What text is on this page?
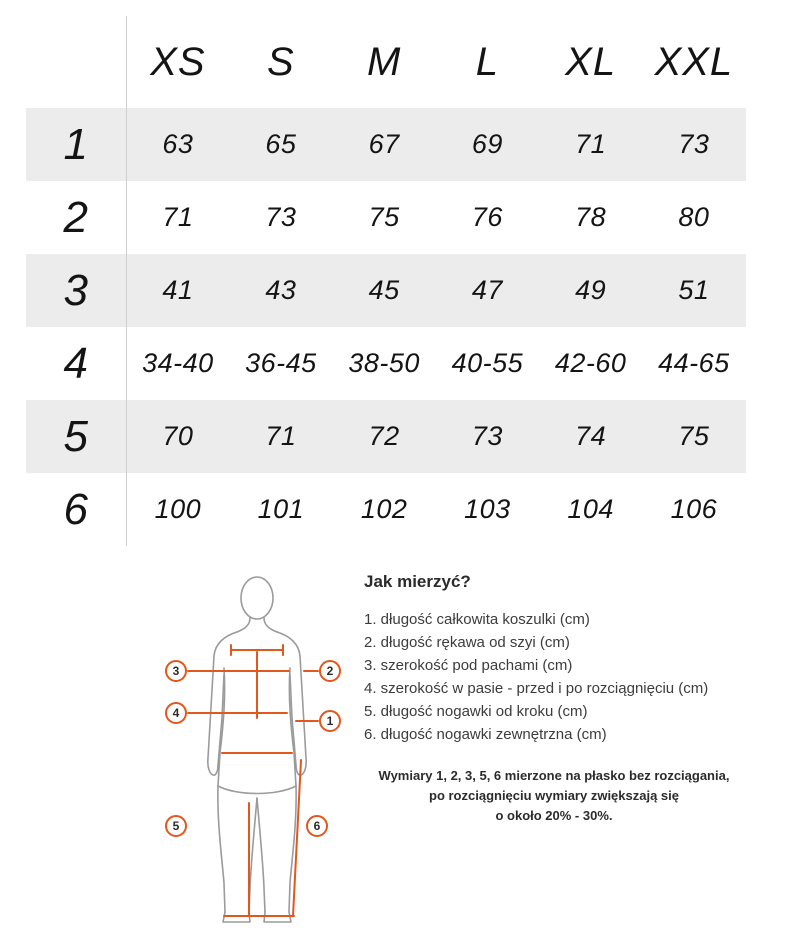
	XS	S	M	L	XL	XXL
1	63	65	67	69	71	73
2	71	73	75	76	78	80
3	41	43	45	47	49	51
4	34-40	36-45	38-50	40-55	42-60	44-65
5	70	71	72	73	74	75
6	100	101	102	103	104	106
1
2
3
4
5	6
Jak mierzyć?
1. długość całkowita koszulki (cm)
2. długość rękawa od szyi (cm)
3. szerokość pod pachami (cm)
4. szerokość w pasie - przed i po rozciągnięciu (cm)
5. długość nogawki od kroku (cm)
6. długość nogawki zewnętrzna (cm)
Wymiary 1, 2, 3, 5, 6 mierzone na płasko bez rozciągania,
po rozciągnięciu wymiary zwiększają się
o około 20% - 30%.
